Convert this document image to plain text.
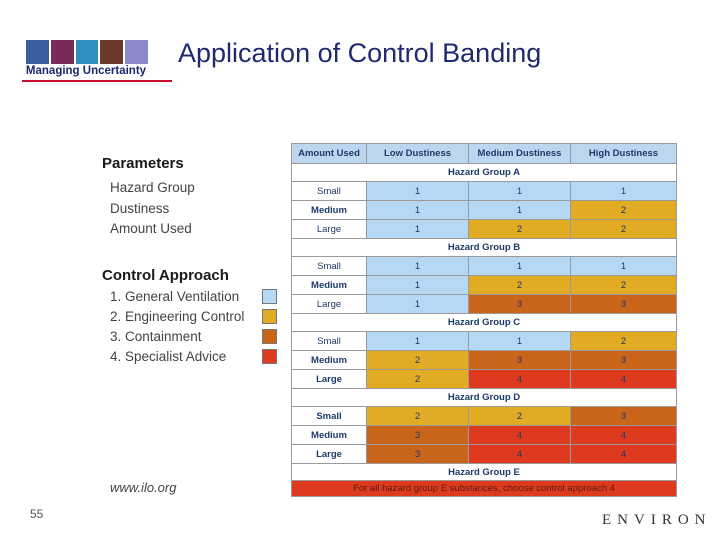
Managing Uncertainty
Application of Control Banding
Parameters
Hazard Group
Dustiness
Amount Used
Control Approach
1. General Ventilation
2. Engineering Control
3. Containment
4. Specialist Advice
Amount Used	Low Dustiness	Medium Dustiness	High Dustiness
Hazard Group A
Small	1	1	1
Medium	1	1	2
Large	1	2	2
Hazard Group B
Small	1	1	1
Medium	1	2	2
Large	1	3	3
Hazard Group C
Small	1	1	2
Medium	2	3	3
Large	2	4	4
Hazard Group D
Small	2	2	3
Medium	3	4	4
Large	3	4	4
Hazard Group E
For all hazard group E substances, choose control approach 4
www.ilo.org
55	ENVIRON
